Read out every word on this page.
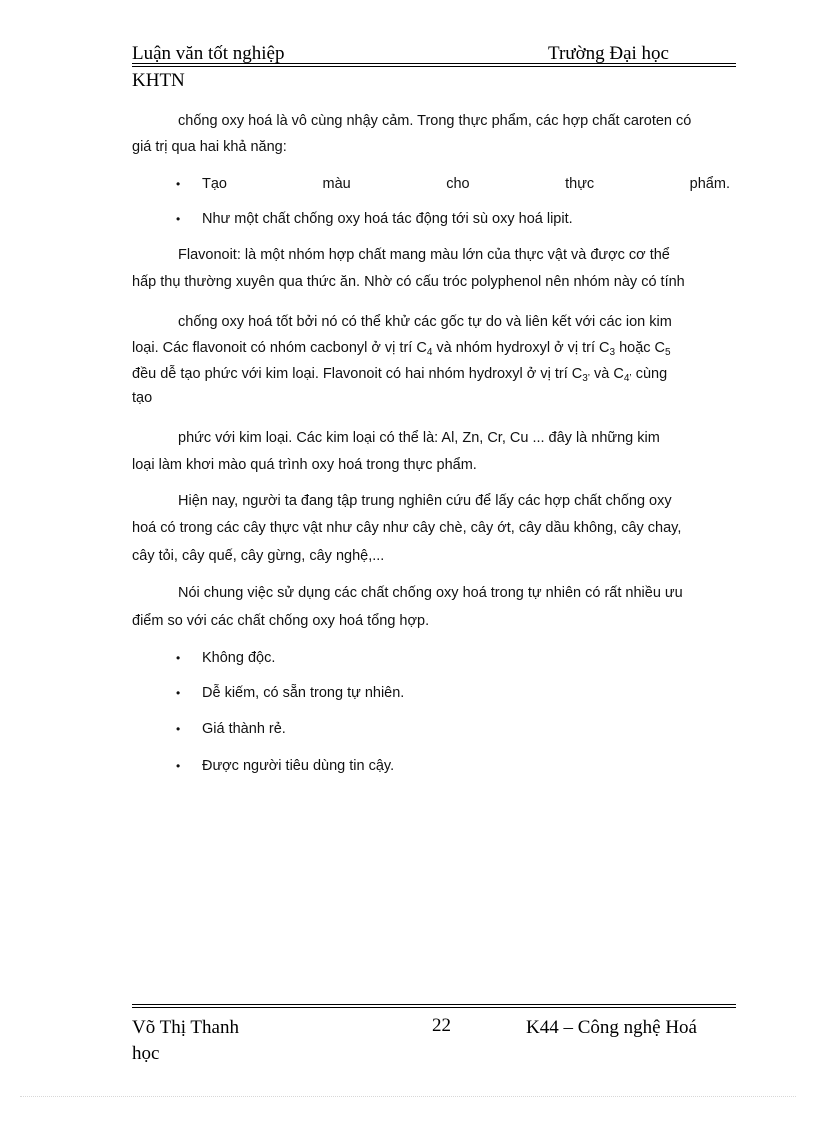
Luận văn tốt nghiệp	Trường Đại học
KHTN
chống oxy hoá là vô cùng nhậy cảm. Trong thực phẩm, các hợp chất caroten có
giá trị qua hai khả năng:
• Tạo	màu	cho	thực	phẩm.
• Như một chất chống oxy hoá tác động tới sù oxy hoá lipit.
Flavonoit: là một nhóm hợp chất mang màu lớn của thực vật và được cơ thể
hấp thụ thường xuyên qua thức ăn. Nhờ có cấu tróc polyphenol nên nhóm này có tính
chống oxy hoá tốt bởi nó có thể khử các gốc tự do và liên kết với các ion kim
loại. Các flavonoit có nhóm cacbonyl ở vị trí $C_4$ và nhóm hydroxyl ở vị trí $C_3$ hoặc $C_5$
đều dễ tạo phức với kim loại. Flavonoit có hai nhóm hydroxyl ở vị trí $C_{3’}$ và $C_{4’}$ cùng
tạo
phức với kim loại. Các kim loại có thể là: Al, Zn, Cr, Cu ... đây là những kim
loại làm khơi mào quá trình oxy hoá trong thực phẩm.
Hiện nay, người ta đang tập trung nghiên cứu để lấy các hợp chất chống oxy
hoá có trong các cây thực vật như cây như cây chè, cây ớt, cây dầu không, cây chay,
cây tỏi, cây quế, cây gừng, cây nghệ,...
Nói chung việc sử dụng các chất chống oxy hoá trong tự nhiên có rất nhiều ưu
điểm so với các chất chống oxy hoá tổng hợp.
• Không độc.
• Dễ kiếm, có sẵn trong tự nhiên.
• Giá thành rẻ.
• Được người tiêu dùng tin cậy.
Võ Thị Thanh	22	K44 – Công nghệ Hoá
học
